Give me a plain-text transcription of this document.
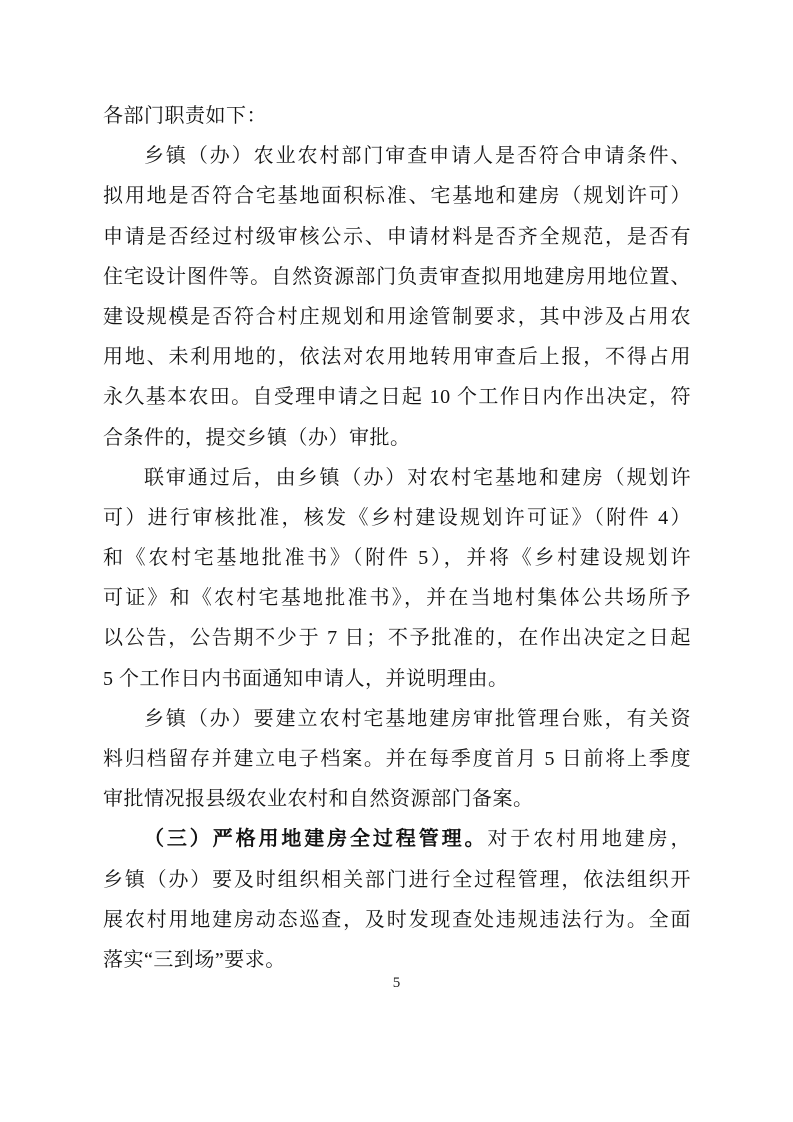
各部门职责如下：
乡镇（办）农业农村部门审查申请人是否符合申请条件、
拟用地是否符合宅基地面积标准、宅基地和建房（规划许可）
申请是否经过村级审核公示、申请材料是否齐全规范，是否有
住宅设计图件等。自然资源部门负责审查拟用地建房用地位置、
建设规模是否符合村庄规划和用途管制要求，其中涉及占用农
用地、未利用地的，依法对农用地转用审查后上报，不得占用
永久基本农田。自受理申请之日起 10 个工作日内作出决定，符
合条件的，提交乡镇（办）审批。
联审通过后，由乡镇（办）对农村宅基地和建房（规划许
可）进行审核批准，核发《乡村建设规划许可证》（附件 4）
和《农村宅基地批准书》（附件 5），并将《乡村建设规划许
可证》和《农村宅基地批准书》，并在当地村集体公共场所予
以公告，公告期不少于 7 日；不予批准的，在作出决定之日起
5 个工作日内书面通知申请人，并说明理由。
乡镇（办）要建立农村宅基地建房审批管理台账，有关资
料归档留存并建立电子档案。并在每季度首月 5 日前将上季度
审批情况报县级农业农村和自然资源部门备案。
（三）严格用地建房全过程管理。对于农村用地建房，
乡镇（办）要及时组织相关部门进行全过程管理，依法组织开
展农村用地建房动态巡查，及时发现查处违规违法行为。全面
落实“三到场”要求。
5
